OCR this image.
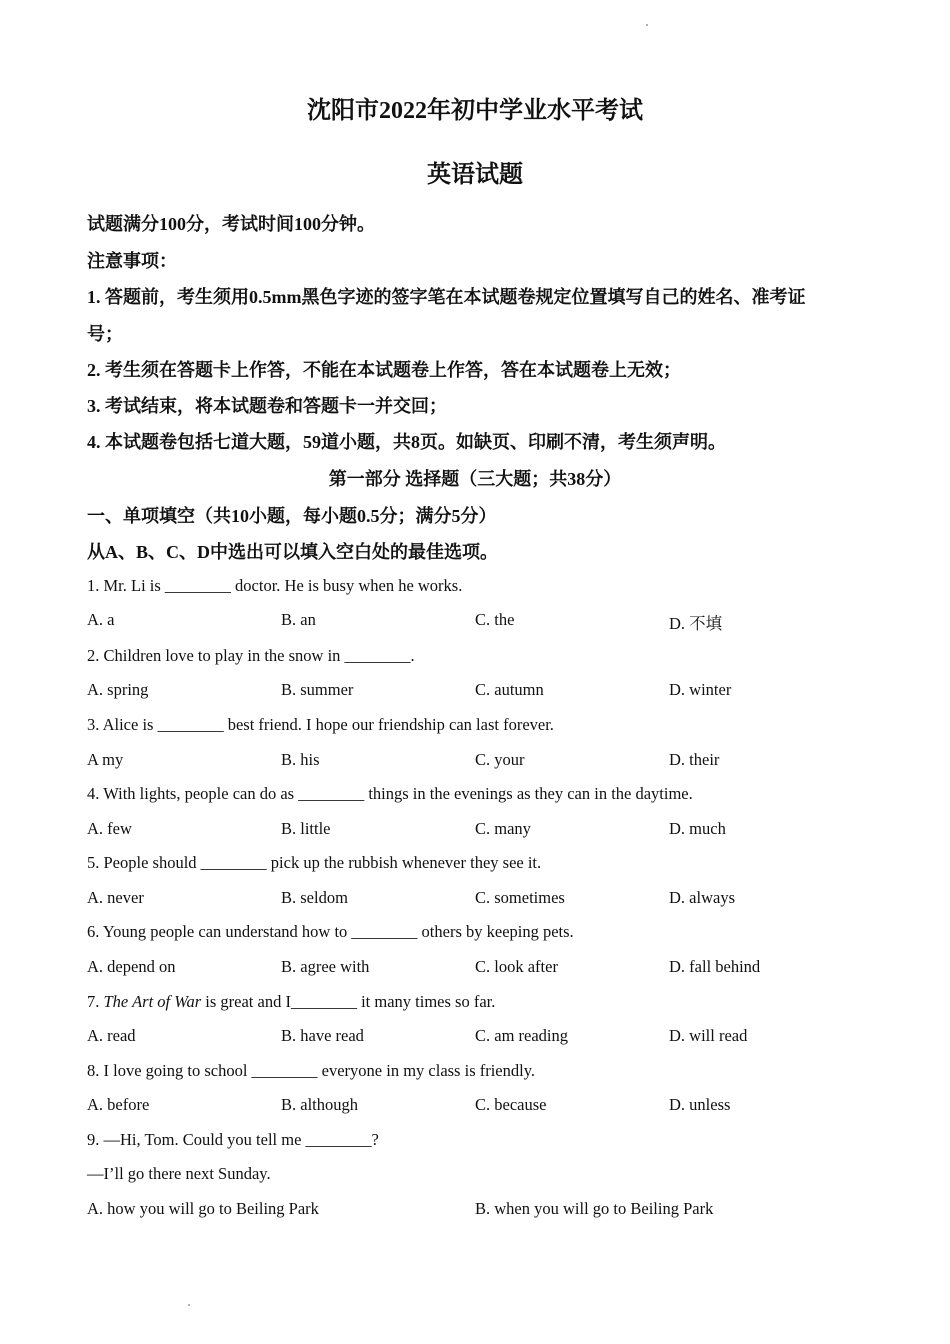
沈阳市2022年初中学业水平考试
英语试题
试题满分100分，考试时间100分钟。
注意事项：
1. 答题前，考生须用0.5mm黑色字迹的签字笔在本试题卷规定位置填写自己的姓名、准考证
号；
2. 考生须在答题卡上作答，不能在本试题卷上作答，答在本试题卷上无效；
3. 考试结束，将本试题卷和答题卡一并交回；
4. 本试题卷包括七道大题，59道小题，共8页。如缺页、印刷不清，考生须声明。
第一部分 选择题（三大题；共38分）
一、单项填空（共10小题，每小题0.5分；满分5分）
从A、B、C、D中选出可以填入空白处的最佳选项。
1. Mr. Li is ________ doctor. He is busy when he works.
A. a	B. an	C. the	D. 不填
2. Children love to play in the snow in ________.
A. spring	B. summer	C. autumn	D. winter
3. Alice is ________ best friend. I hope our friendship can last forever.
A my	B. his	C. your	D. their
4. With lights, people can do as ________ things in the evenings as they can in the daytime.
A. few	B. little	C. many	D. much
5. People should ________ pick up the rubbish whenever they see it.
A. never	B. seldom	C. sometimes	D. always
6. Young people can understand how to ________ others by keeping pets.
A. depend on	B. agree with	C. look after	D. fall behind
7. The Art of War is great and I________ it many times so far.
A. read	B. have read	C. am reading	D. will read
8. I love going to school ________ everyone in my class is friendly.
A. before	B. although	C. because	D. unless
9. —Hi, Tom. Could you tell me ________?
—I’ll go there next Sunday.
A. how you will go to Beiling Park	B. when you will go to Beiling Park
